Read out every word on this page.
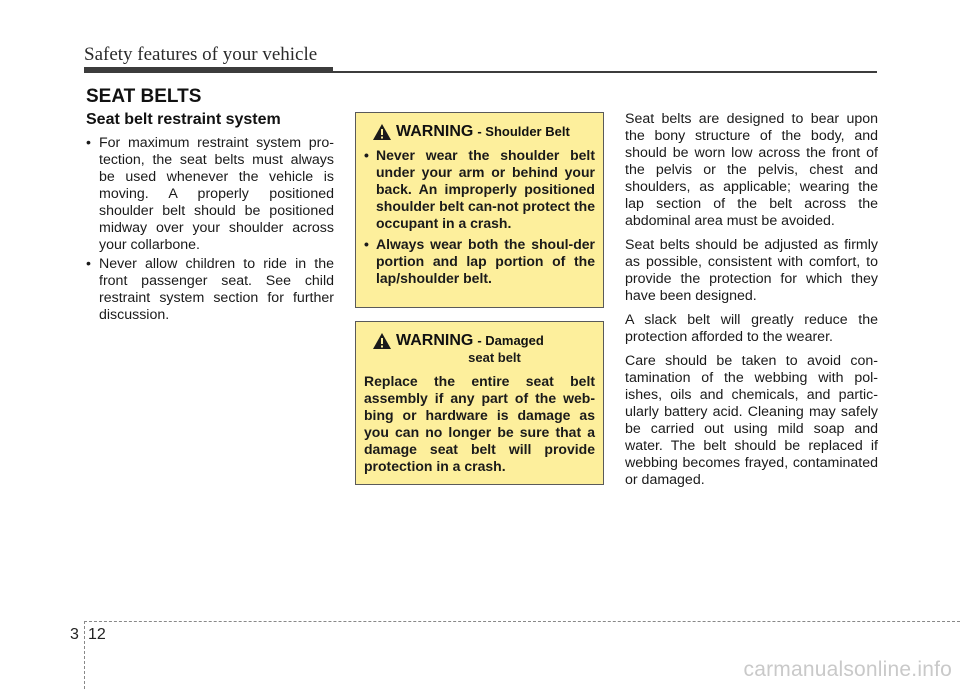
Safety features of your vehicle
SEAT BELTS
Seat belt restraint system
• For maximum restraint system pro-tection, the seat belts must always be used whenever the vehicle is moving. A properly positioned shoulder belt should be positioned midway over your shoulder across your collarbone.
• Never allow children to ride in the front passenger seat. See child restraint system section for further discussion.
WARNING - Shoulder Belt
• Never wear the shoulder belt under your arm or behind your back. An improperly positioned shoulder belt can-not protect the occupant in a crash.
• Always wear both the shoul-der portion and lap portion of the lap/shoulder belt.
WARNING - Damaged
seat belt

Replace the entire seat belt assembly if any part of the web-bing or hardware is damage as you can no longer be sure that a damage seat belt will provide protection in a crash.

Seat belts are designed to bear upon the bony structure of the body, and should be worn low across the front of the pelvis or the pelvis, chest and shoulders, as applicable; wearing the lap section of the belt across the abdominal area must be avoided.

Seat belts should be adjusted as firmly as possible, consistent with comfort, to provide the protection for which they have been designed.

A slack belt will greatly reduce the protection afforded to the wearer.

Care should be taken to avoid con-tamination of the webbing with pol-ishes, oils and chemicals, and partic-ularly battery acid. Cleaning may safely be carried out using mild soap and water. The belt should be replaced if webbing becomes frayed, contaminated or damaged.

3 12
carmanualsonline.info
